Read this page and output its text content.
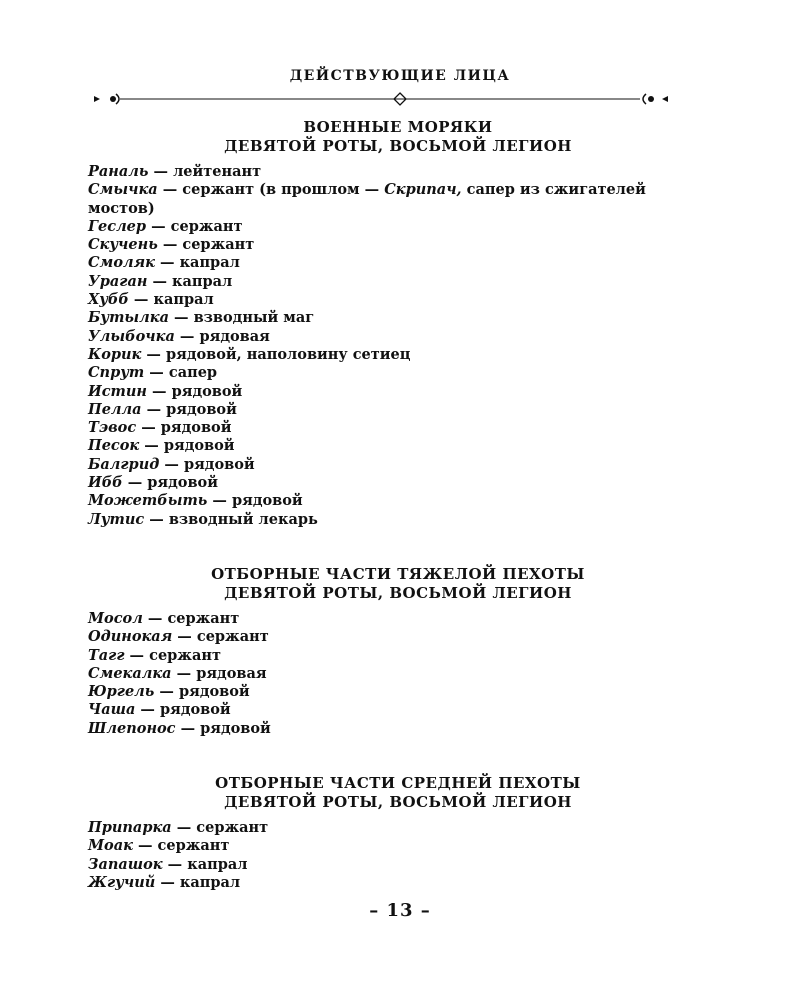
ДЕЙСТВУЮЩИЕ ЛИЦА
ВОЕННЫЕ МОРЯКИ
ДЕВЯТОЙ РОТЫ, ВОСЬМОЙ ЛЕГИОН
Раналь — лейтенант
Смычка — сержант (в прошлом — Скрипач, сапер из сжигателей мостов)
Геслер — сержант
Скучень — сержант
Смоляк — капрал
Ураган — капрал
Хубб — капрал
Бутылка — взводный маг
Улыбочка — рядовая
Корик — рядовой, наполовину сетиец
Спрут — сапер
Истин — рядовой
Пелла — рядовой
Тэвос — рядовой
Песок — рядовой
Балгрид — рядовой
Ибб — рядовой
Можетбыть — рядовой
Лутис — взводный лекарь
ОТБОРНЫЕ ЧАСТИ ТЯЖЕЛОЙ ПЕХОТЫ
ДЕВЯТОЙ РОТЫ, ВОСЬМОЙ ЛЕГИОН
Мосол — сержант
Одинокая — сержант
Тагг — сержант
Смекалка — рядовая
Юргель — рядовой
Чаша — рядовой
Шлепонос — рядовой
ОТБОРНЫЕ ЧАСТИ СРЕДНЕЙ ПЕХОТЫ
ДЕВЯТОЙ РОТЫ, ВОСЬМОЙ ЛЕГИОН
Припарка — сержант
Моак — сержант
Запашок — капрал
Жгучий — капрал
– 13 –
